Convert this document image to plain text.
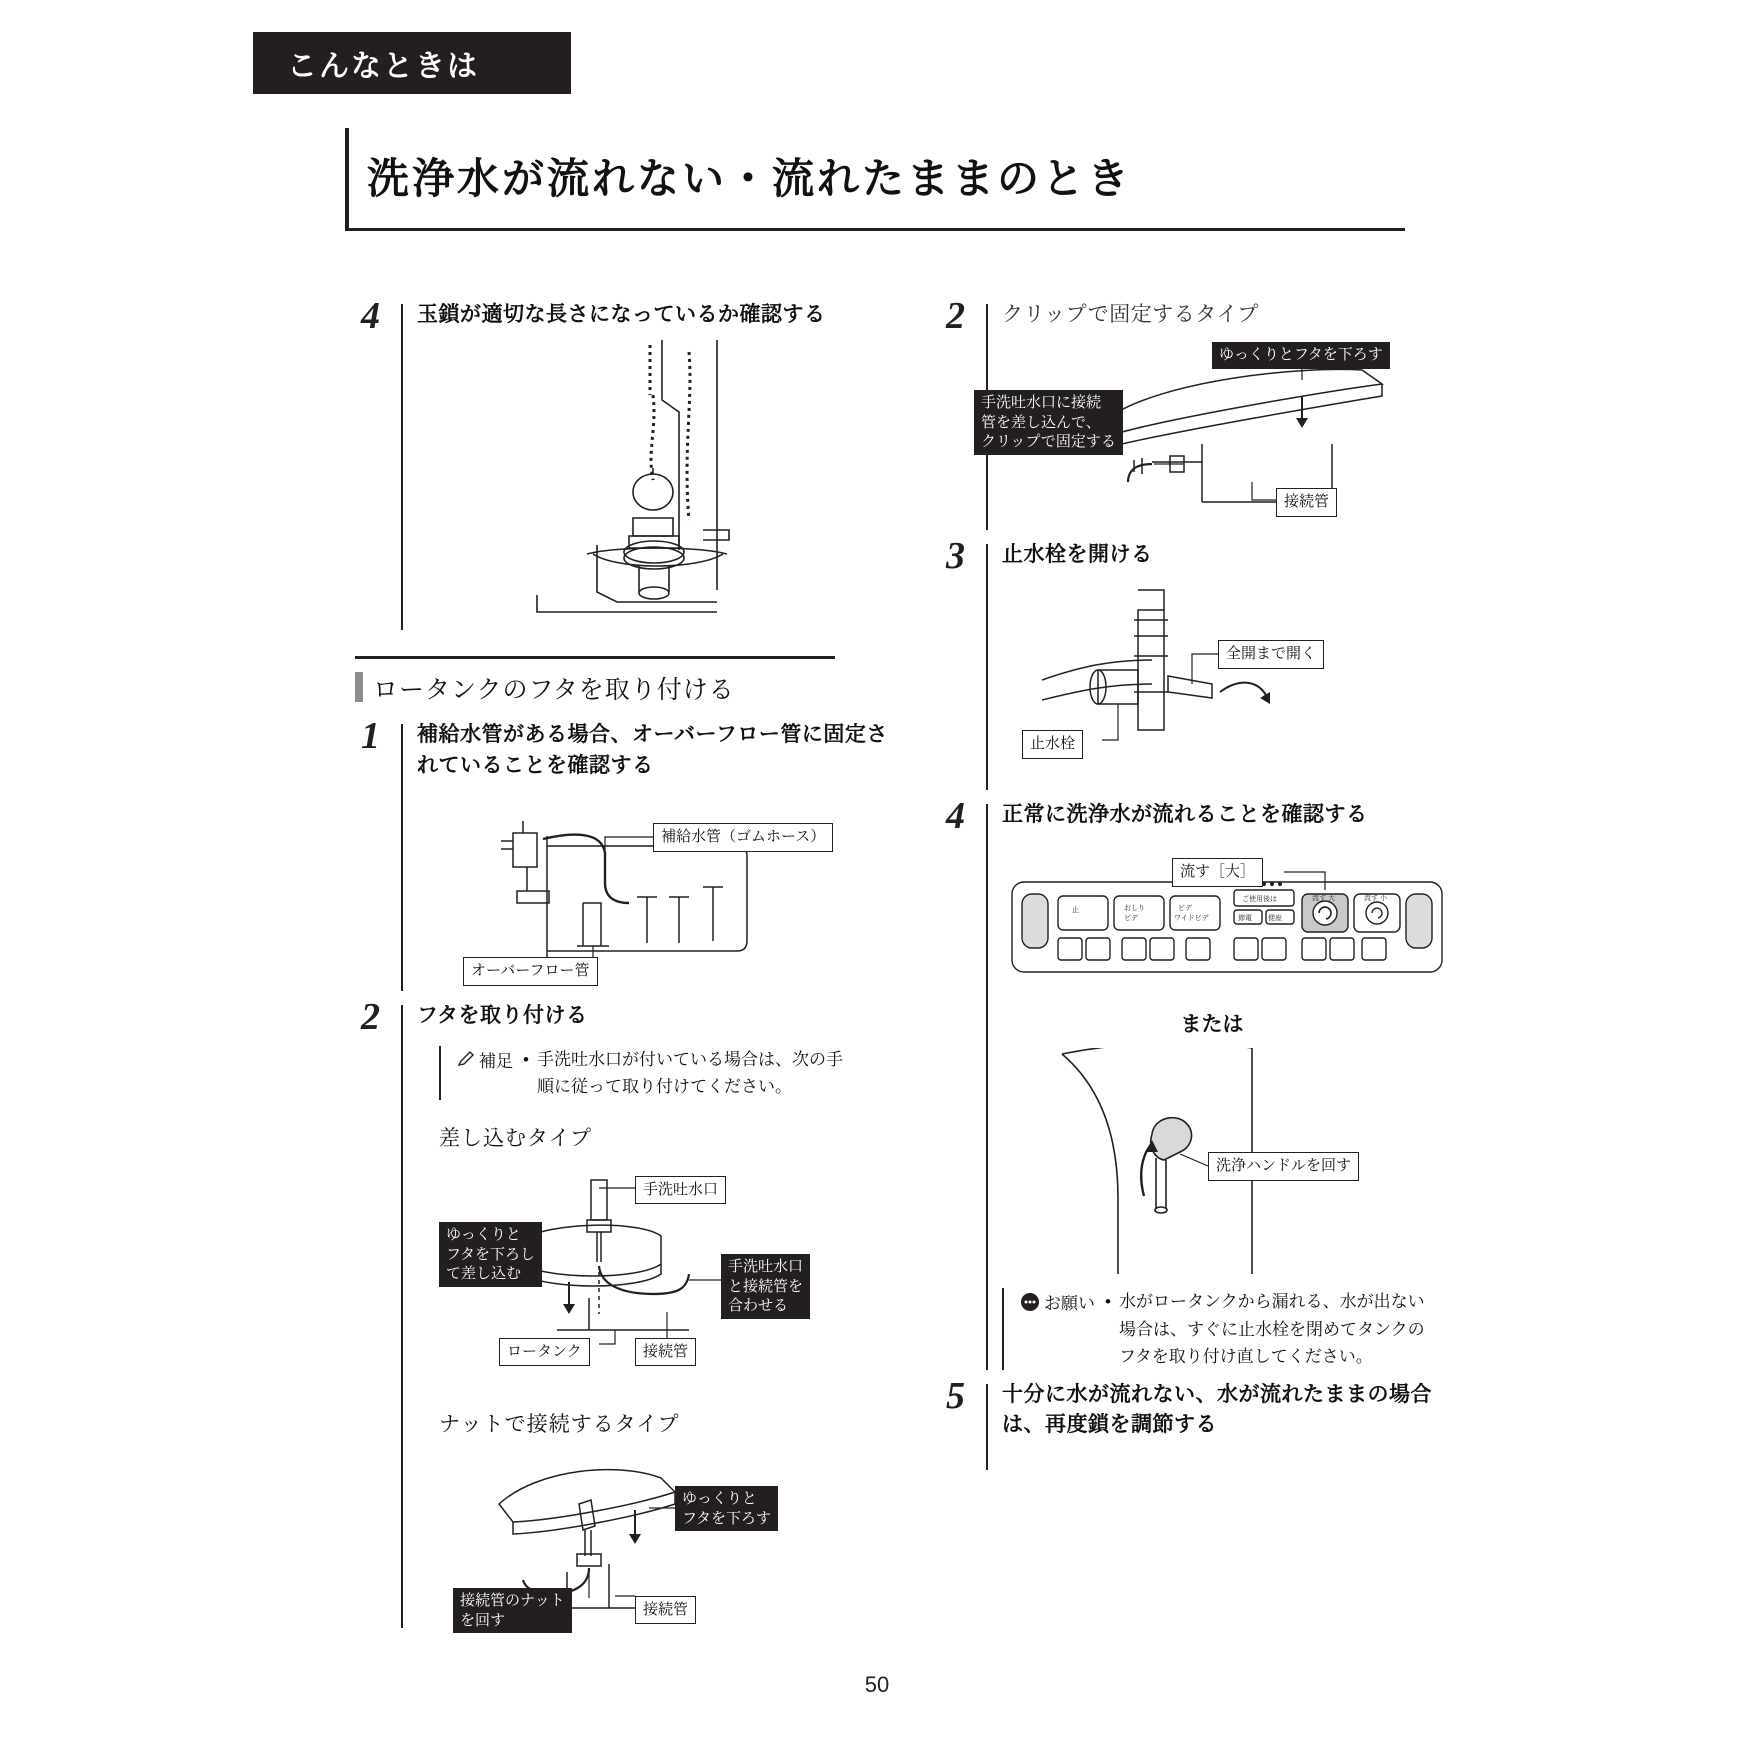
こんなときは
洗浄水が流れない・流れたままのとき
4 玉鎖が適切な長さになっているか確認する
ロータンクのフタを取り付ける
1 補給水管がある場合、オーバーフロー管に固定されていることを確認する
補給水管（ゴムホース）
オーバーフロー管
2 フタを取り付ける
補足	• 手洗吐水口が付いている場合は、次の手順に従って取り付けてください。
差し込むタイプ
ゆっくりと
フタを下ろし
て差し込む
手洗吐水口
手洗吐水口
と接続管を
合わせる
ロータンク	接続管
ナットで接続するタイプ
ゆっくりと
フタを下ろす
接続管のナット
を回す
接続管
2 クリップで固定するタイプ
ゆっくりとフタを下ろす
手洗吐水口に接続
管を差し込んで、
クリップで固定する
接続管
3 止水栓を開ける
全開まで開く
止水栓
4 正常に洗浄水が流れることを確認する
止	おしり
ビデ
ビデ
ワイドビデ
流す 大	流す 小
ご使用後は
節電 便座
流す［大］
または
洗浄ハンドルを回す
お願い	• 水がロータンクから漏れる、水が出ない場合は、すぐに止水栓を閉めてタンクのフタを取り付け直してください。
5 十分に水が流れない、水が流れたままの場合は、再度鎖を調節する
50
